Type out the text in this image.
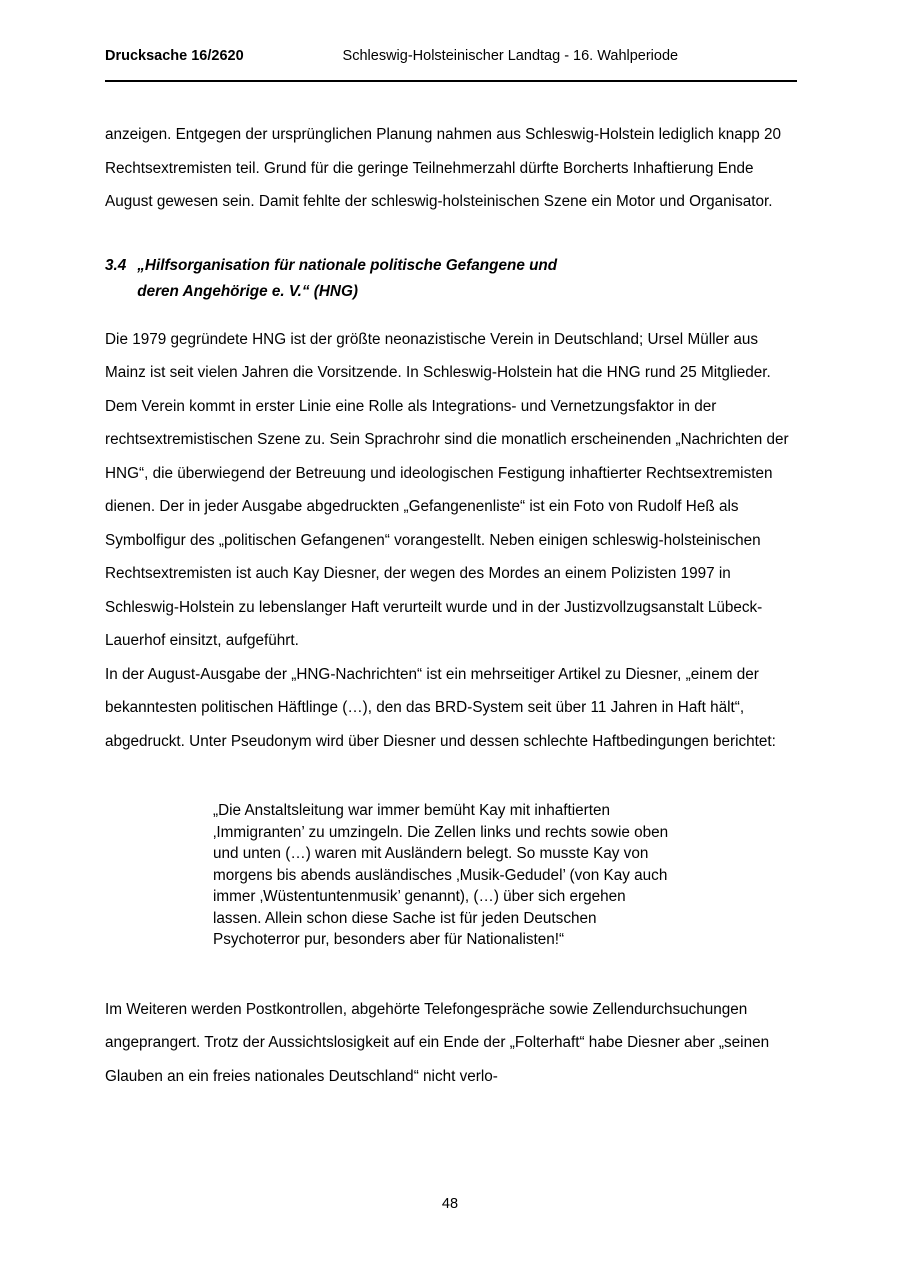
Drucksache 16/2620	Schleswig-Holsteinischer Landtag - 16. Wahlperiode

anzeigen. Entgegen der ursprünglichen Planung nahmen aus Schleswig-Holstein lediglich knapp 20 Rechtsextremisten teil. Grund für die geringe Teilnehmerzahl dürfte Borcherts Inhaftierung Ende August gewesen sein. Damit fehlte der schleswig-holsteinischen Szene ein Motor und Organisator.

3.4 „Hilfsorganisation für nationale politische Gefangene und

deren Angehörige e. V.“ (HNG)

Die 1979 gegründete HNG ist der größte neonazistische Verein in Deutschland; Ursel Müller aus Mainz ist seit vielen Jahren die Vorsitzende. In Schleswig-Holstein hat die HNG rund 25 Mitglieder.

Dem Verein kommt in erster Linie eine Rolle als Integrations- und Vernetzungsfaktor in der rechtsextremistischen Szene zu. Sein Sprachrohr sind die monatlich erscheinenden „Nachrichten der HNG“, die überwiegend der Betreuung und ideologischen Festigung inhaftierter Rechtsextremisten dienen. Der in jeder Ausgabe abgedruckten „Gefangenenliste“ ist ein Foto von Rudolf Heß als Symbolfigur des „politischen Gefangenen“ vorangestellt. Neben einigen schleswig-holsteinischen Rechtsextremisten ist auch Kay Diesner, der wegen des Mordes an einem Polizisten 1997 in Schleswig-Holstein zu lebenslanger Haft verurteilt wurde und in der Justizvollzugsanstalt Lübeck-Lauerhof einsitzt, aufgeführt.

In der August-Ausgabe der „HNG-Nachrichten“ ist ein mehrseitiger Artikel zu Diesner, „einem der bekanntesten politischen Häftlinge (…), den das BRD-System seit über 11 Jahren in Haft hält“, abgedruckt. Unter Pseudonym wird über Diesner und dessen schlechte Haftbedingungen berichtet:

„Die Anstaltsleitung war immer bemüht Kay mit inhaftierten ‚Immigranten’ zu umzingeln. Die Zellen links und rechts sowie oben und unten (…) waren mit Ausländern belegt. So musste Kay von morgens bis abends ausländisches ‚Musik-Gedudel’ (von Kay auch immer ‚Wüstentuntenmusik’ genannt), (…) über sich ergehen lassen. Allein schon diese Sache ist für jeden Deutschen Psychoterror pur, besonders aber für Nationalisten!“

Im Weiteren werden Postkontrollen, abgehörte Telefongespräche sowie Zellendurchsuchungen angeprangert. Trotz der Aussichtslosigkeit auf ein Ende der „Folterhaft“ habe Diesner aber „seinen Glauben an ein freies nationales Deutschland“ nicht verlo-

48
